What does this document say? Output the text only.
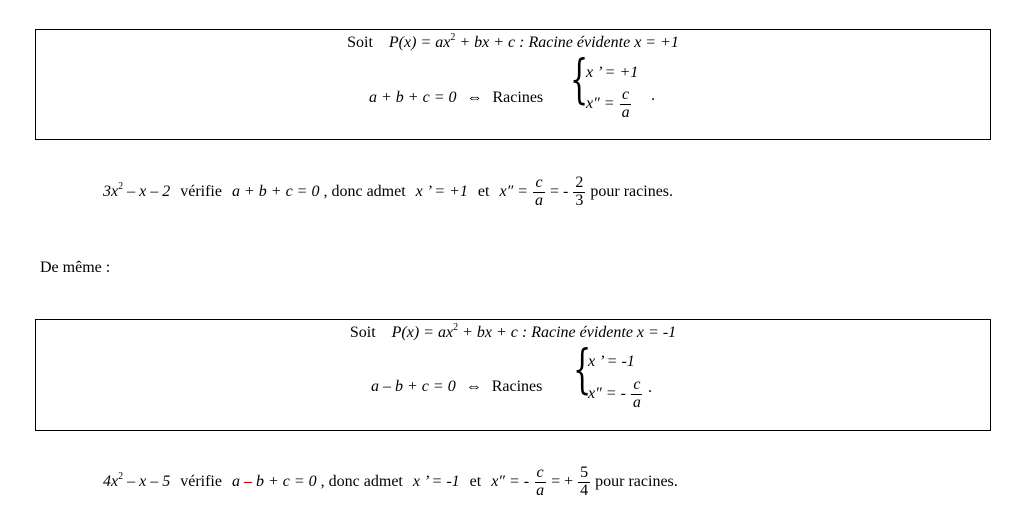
Soit $P(x) = ax^2$ + bx + c : Racine évidente x = +1
a + b + c = 0 ⇔ Racines {
x ’ = +1
$x'' = \frac{c}{a}$ .
$3x^2$ – x – 2 vérifie a + b + c = 0 , donc admet x ’ = +1 et $x'' = \frac{c}{a}$ = - $\frac{2}{3}$ pour racines.
De même :
Soit $P(x) = ax^2$ + bx + c : Racine évidente x = -1
a – b + c = 0 ⇔ Racines {
x ’ = -1
x″ = - $\frac{c}{a}$ .
$4x^2$ – x – 5 vérifie a – b + c = 0 , donc admet x ’ = -1 et x″ = - $\frac{c}{a}$ = + $\frac{5}{4}$ pour racines.
